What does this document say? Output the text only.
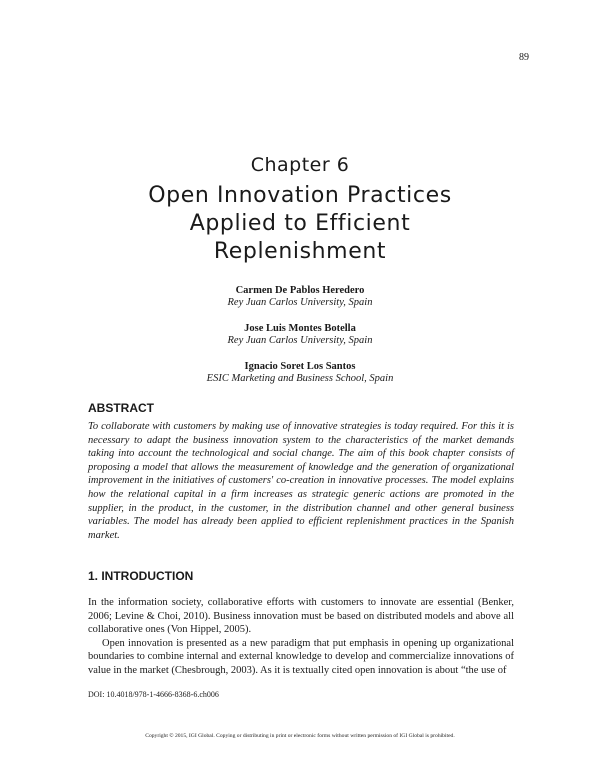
89
Chapter 6
Open Innovation Practices
Applied to Efficient
Replenishment
Carmen De Pablos Heredero
Rey Juan Carlos University, Spain
Jose Luis Montes Botella
Rey Juan Carlos University, Spain
Ignacio Soret Los Santos
ESIC Marketing and Business School, Spain
ABSTRACT
To collaborate with customers by making use of innovative strategies is today required. For this it is necessary to adapt the business innovation system to the characteristics of the market demands taking into account the technological and social change. The aim of this book chapter consists of proposing a model that allows the measurement of knowledge and the generation of organizational improvement in the initiatives of customers' co-creation in innovative processes. The model explains how the relational capital in a firm increases as strategic generic actions are promoted in the supplier, in the product, in the customer, in the distribution channel and other general business variables. The model has already been applied to efficient replenishment practices in the Spanish market.
1. INTRODUCTION

In the information society, collaborative efforts with customers to innovate are essential (Benker, 2006; Levine & Choi, 2010). Business innovation must be based on distributed models and above all collaborative ones (Von Hippel, 2005).

Open innovation is presented as a new paradigm that put emphasis in opening up organizational boundaries to combine internal and external knowledge to develop and commercialize innovations of value in the market (Chesbrough, 2003). As it is textually cited open innovation is about “the use of

DOI: 10.4018/978-1-4666-8368-6.ch006
Copyright © 2015, IGI Global. Copying or distributing in print or electronic forms without written permission of IGI Global is prohibited.
